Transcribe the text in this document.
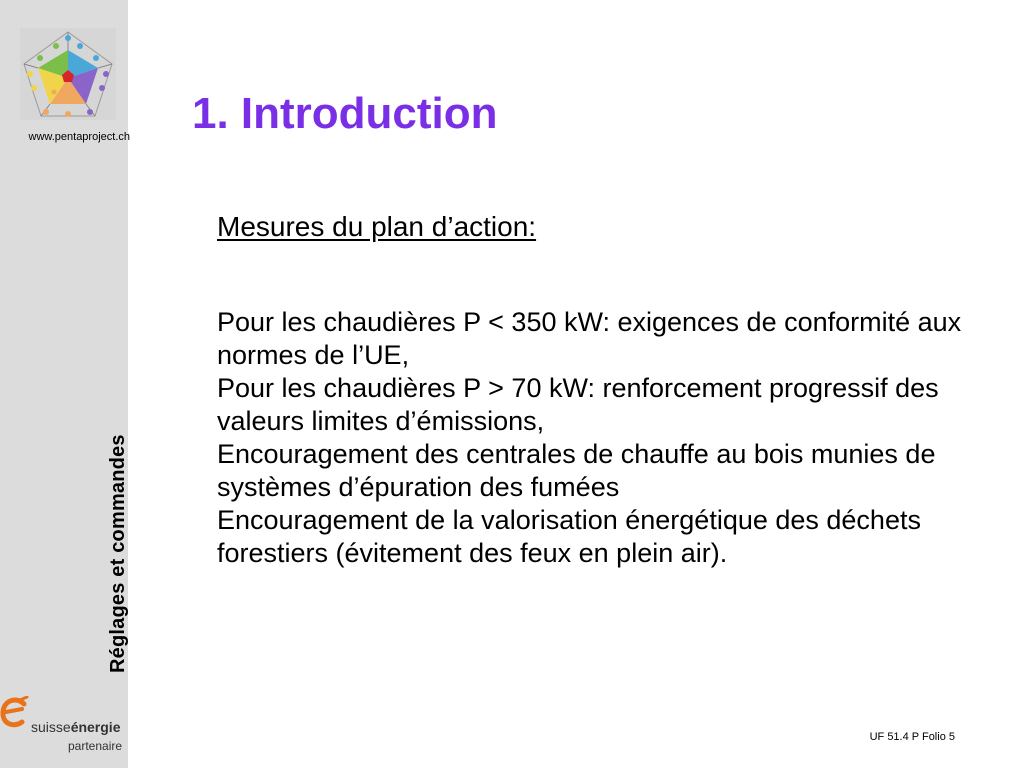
www.pentaproject.ch
Réglages et commandes
suisseénergie
partenaire
1. Introduction
Mesures du plan d’action:
Pour les chaudières P < 350 kW: exigences de conformité aux normes de l’UE,
Pour les chaudières P > 70 kW: renforcement progressif des valeurs limites d’émissions,
Encouragement des centrales de chauffe au bois munies de systèmes d’épuration des fumées
Encouragement de la valorisation énergétique des déchets forestiers (évitement des feux en plein air).
UF 51.4 P Folio 5
